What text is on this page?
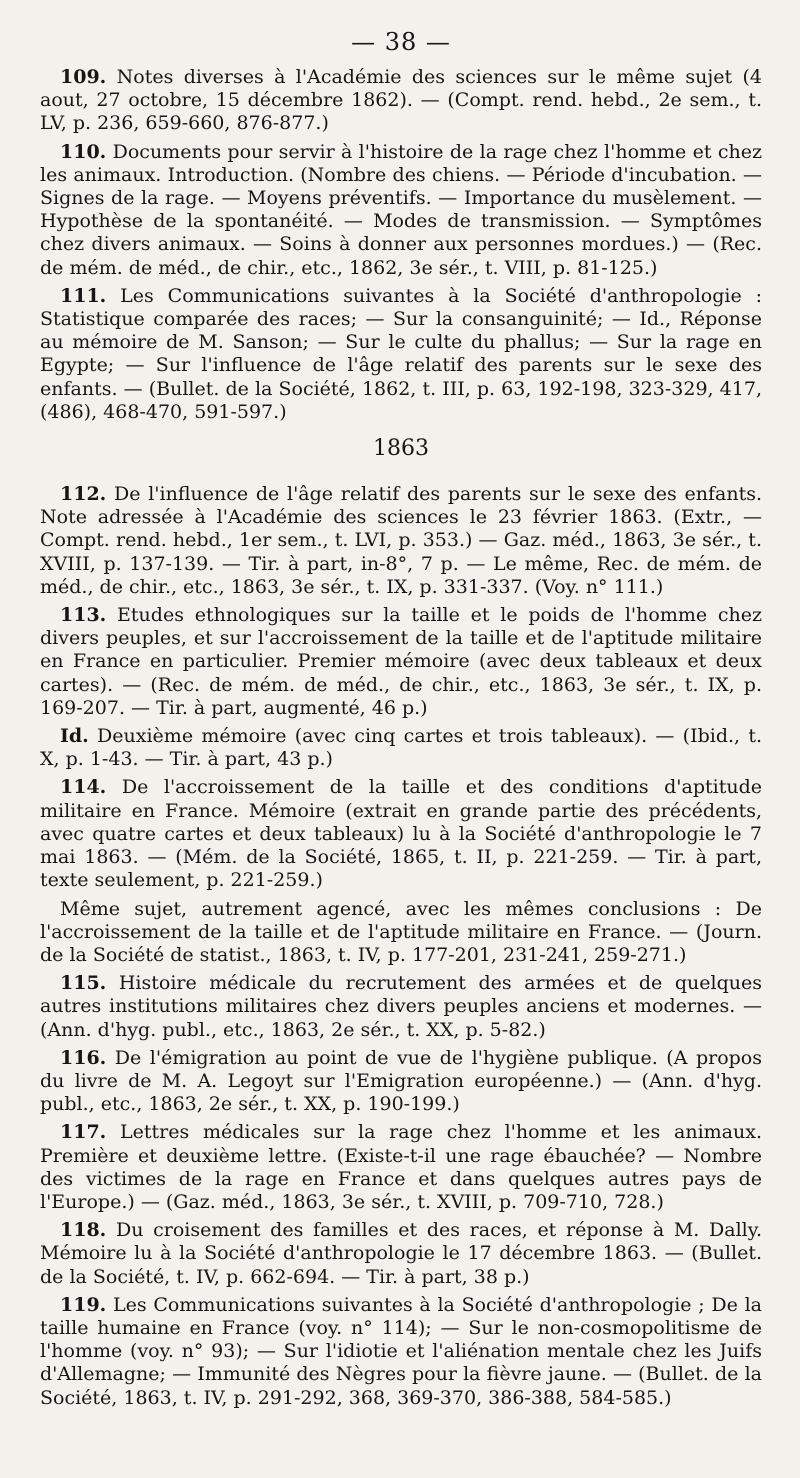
— 38 —

109. Notes diverses à l'Académie des sciences sur le même sujet (4 aout, 27 octobre, 15 décembre 1862). — (Compt. rend. hebd., 2e sem., t. LV, p. 236, 659-660, 876-877.)

110. Documents pour servir à l'histoire de la rage chez l'homme et chez les animaux. Introduction. (Nombre des chiens. — Période d'incubation. — Signes de la rage. — Moyens préventifs. — Importance du musèlement. — Hypothèse de la spontanéité. — Modes de transmission. — Symptômes chez divers animaux. — Soins à donner aux personnes mordues.) — (Rec. de mém. de méd., de chir., etc., 1862, 3e sér., t. VIII, p. 81-125.)

111. Les Communications suivantes à la Société d'anthropologie : Statistique comparée des races; — Sur la consanguinité; — Id., Réponse au mémoire de M. Sanson; — Sur le culte du phallus; — Sur la rage en Egypte; — Sur l'influence de l'âge relatif des parents sur le sexe des enfants. — (Bullet. de la Société, 1862, t. III, p. 63, 192-198, 323-329, 417, (486), 468-470, 591-597.)

1863

112. De l'influence de l'âge relatif des parents sur le sexe des enfants. Note adressée à l'Académie des sciences le 23 février 1863. (Extr., — Compt. rend. hebd., 1er sem., t. LVI, p. 353.) — Gaz. méd., 1863, 3e sér., t. XVIII, p. 137-139. — Tir. à part, in-8°, 7 p. — Le même, Rec. de mém. de méd., de chir., etc., 1863, 3e sér., t. IX, p. 331-337. (Voy. n° 111.)

113. Etudes ethnologiques sur la taille et le poids de l'homme chez divers peuples, et sur l'accroissement de la taille et de l'aptitude militaire en France en particulier. Premier mémoire (avec deux tableaux et deux cartes). — (Rec. de mém. de méd., de chir., etc., 1863, 3e sér., t. IX, p. 169-207. — Tir. à part, augmenté, 46 p.)

Id. Deuxième mémoire (avec cinq cartes et trois tableaux). — (Ibid., t. X, p. 1-43. — Tir. à part, 43 p.)

114. De l'accroissement de la taille et des conditions d'aptitude militaire en France. Mémoire (extrait en grande partie des précédents, avec quatre cartes et deux tableaux) lu à la Société d'anthropologie le 7 mai 1863. — (Mém. de la Société, 1865, t. II, p. 221-259. — Tir. à part, texte seulement, p. 221-259.)

Même sujet, autrement agencé, avec les mêmes conclusions : De l'accroissement de la taille et de l'aptitude militaire en France. — (Journ. de la Société de statist., 1863, t. IV, p. 177-201, 231-241, 259-271.)

115. Histoire médicale du recrutement des armées et de quelques autres institutions militaires chez divers peuples anciens et modernes. — (Ann. d'hyg. publ., etc., 1863, 2e sér., t. XX, p. 5-82.)

116. De l'émigration au point de vue de l'hygiène publique. (A propos du livre de M. A. Legoyt sur l'Emigration européenne.) — (Ann. d'hyg. publ., etc., 1863, 2e sér., t. XX, p. 190-199.)

117. Lettres médicales sur la rage chez l'homme et les animaux. Première et deuxième lettre. (Existe-t-il une rage ébauchée? — Nombre des victimes de la rage en France et dans quelques autres pays de l'Europe.) — (Gaz. méd., 1863, 3e sér., t. XVIII, p. 709-710, 728.)

118. Du croisement des familles et des races, et réponse à M. Dally. Mémoire lu à la Société d'anthropologie le 17 décembre 1863. — (Bullet. de la Société, t. IV, p. 662-694. — Tir. à part, 38 p.)

119. Les Communications suivantes à la Société d'anthropologie ; De la taille humaine en France (voy. n° 114); — Sur le non-cosmopolitisme de l'homme (voy. n° 93); — Sur l'idiotie et l'aliénation mentale chez les Juifs d'Allemagne; — Immunité des Nègres pour la fièvre jaune. — (Bullet. de la Société, 1863, t. IV, p. 291-292, 368, 369-370, 386-388, 584-585.)
